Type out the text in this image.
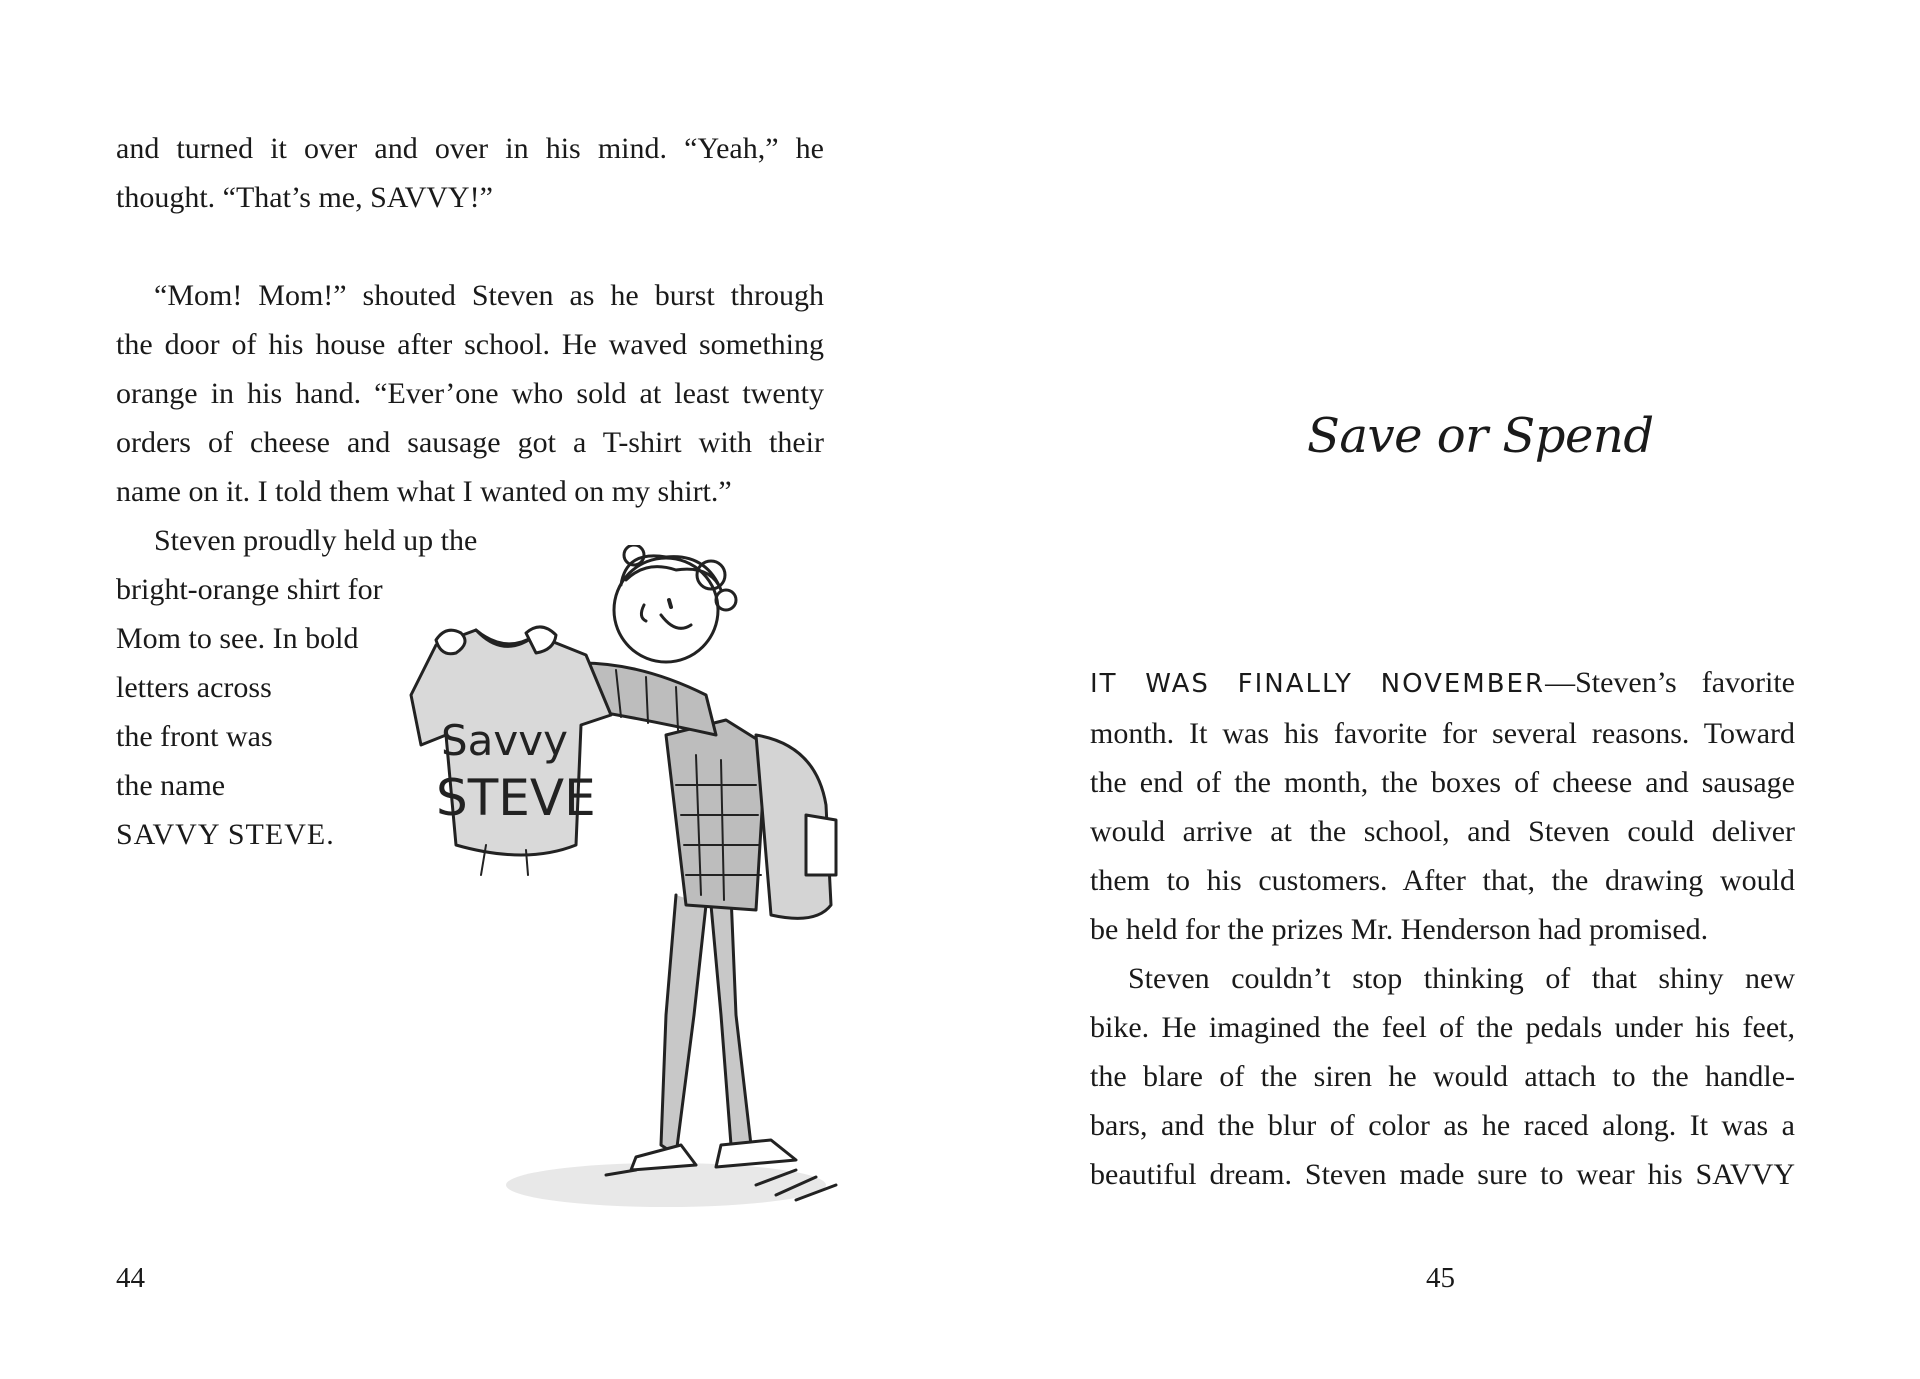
and turned it over and over in his mind. “Yeah,” he

thought. “That’s me, SAVVY!”

“Mom! Mom!” shouted Steven as he burst through

the door of his house after school. He waved something

orange in his hand. “Ever’one who sold at least twenty

orders of cheese and sausage got a T-shirt with their

name on it. I told them what I wanted on my shirt.”

Steven proudly held up the

bright-orange shirt for

Mom to see. In bold

letters across

the front was

the name

SAVVY STEVE.

Savvy
STEVE
44
Save or Spend

IT WAS FINALLY NOVEMBER—Steven’s favorite

month. It was his favorite for several reasons. Toward

the end of the month, the boxes of cheese and sausage

would arrive at the school, and Steven could deliver

them to his customers. After that, the drawing would

be held for the prizes Mr. Henderson had promised.

Steven couldn’t stop thinking of that shiny new

bike. He imagined the feel of the pedals under his feet,

the blare of the siren he would attach to the handle-

bars, and the blur of color as he raced along. It was a

beautiful dream. Steven made sure to wear his SAVVY

45
